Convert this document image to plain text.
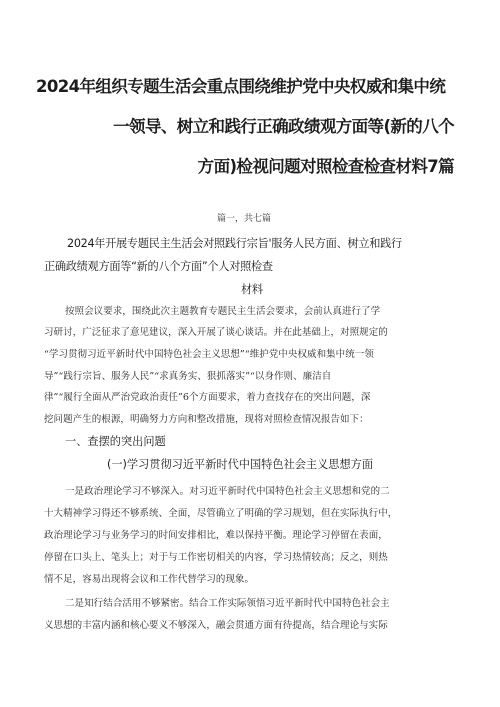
2024年组织专题生活会重点围绕维护党中央权威和集中统
一领导、树立和践行正确政绩观方面等(新的八个
方面)检视问题对照检查检查材料7篇
篇一，共七篇
2024年开展专题民主生活会对照践行宗旨'服务人民方面、树立和践行
正确政绩观方面等“新的八个方面”个人对照检查
材料
按照会议要求，围绕此次主题教育专题民主生活会要求，会前认真进行了学
习研讨，广泛征求了意见建议，深入开展了谈心谈话。并在此基础上，对照规定的
“学习贯彻习近平新时代中国特色社会主义思想”“维护党中央权威和集中统一领
导”“践行宗旨、服务人民”“求真务实、狠抓落实”“以身作则、廉洁自
律”“履行全面从严治党政治责任”6个方面要求，着力查找存在的突出问题，深
挖问题产生的根源，明确努力方向和整改措施，现将对照检查情况报告如下：
一、查摆的突出问题
(一)学习贯彻习近平新时代中国特色社会主义思想方面
一是政治理论学习不够深入。对习近平新时代中国特色社会主义思想和党的二
十大精神学习得还不够系统、全面，尽管确立了明确的学习规划，但在实际执行中，
政治理论学习与业务学习的时间安排相比，难以保持平衡。理论学习停留在表面，
停留在口头上、笔头上；对于与工作密切相关的内容，学习热情较高；反之，则热
情不足，容易出现将会议和工作代替学习的现象。
二是知行结合活用不够紧密。结合工作实际领悟习近平新时代中国特色社会主
义思想的丰富内涵和核心要义不够深入，融会贯通方面有待提高，结合理论与实际
